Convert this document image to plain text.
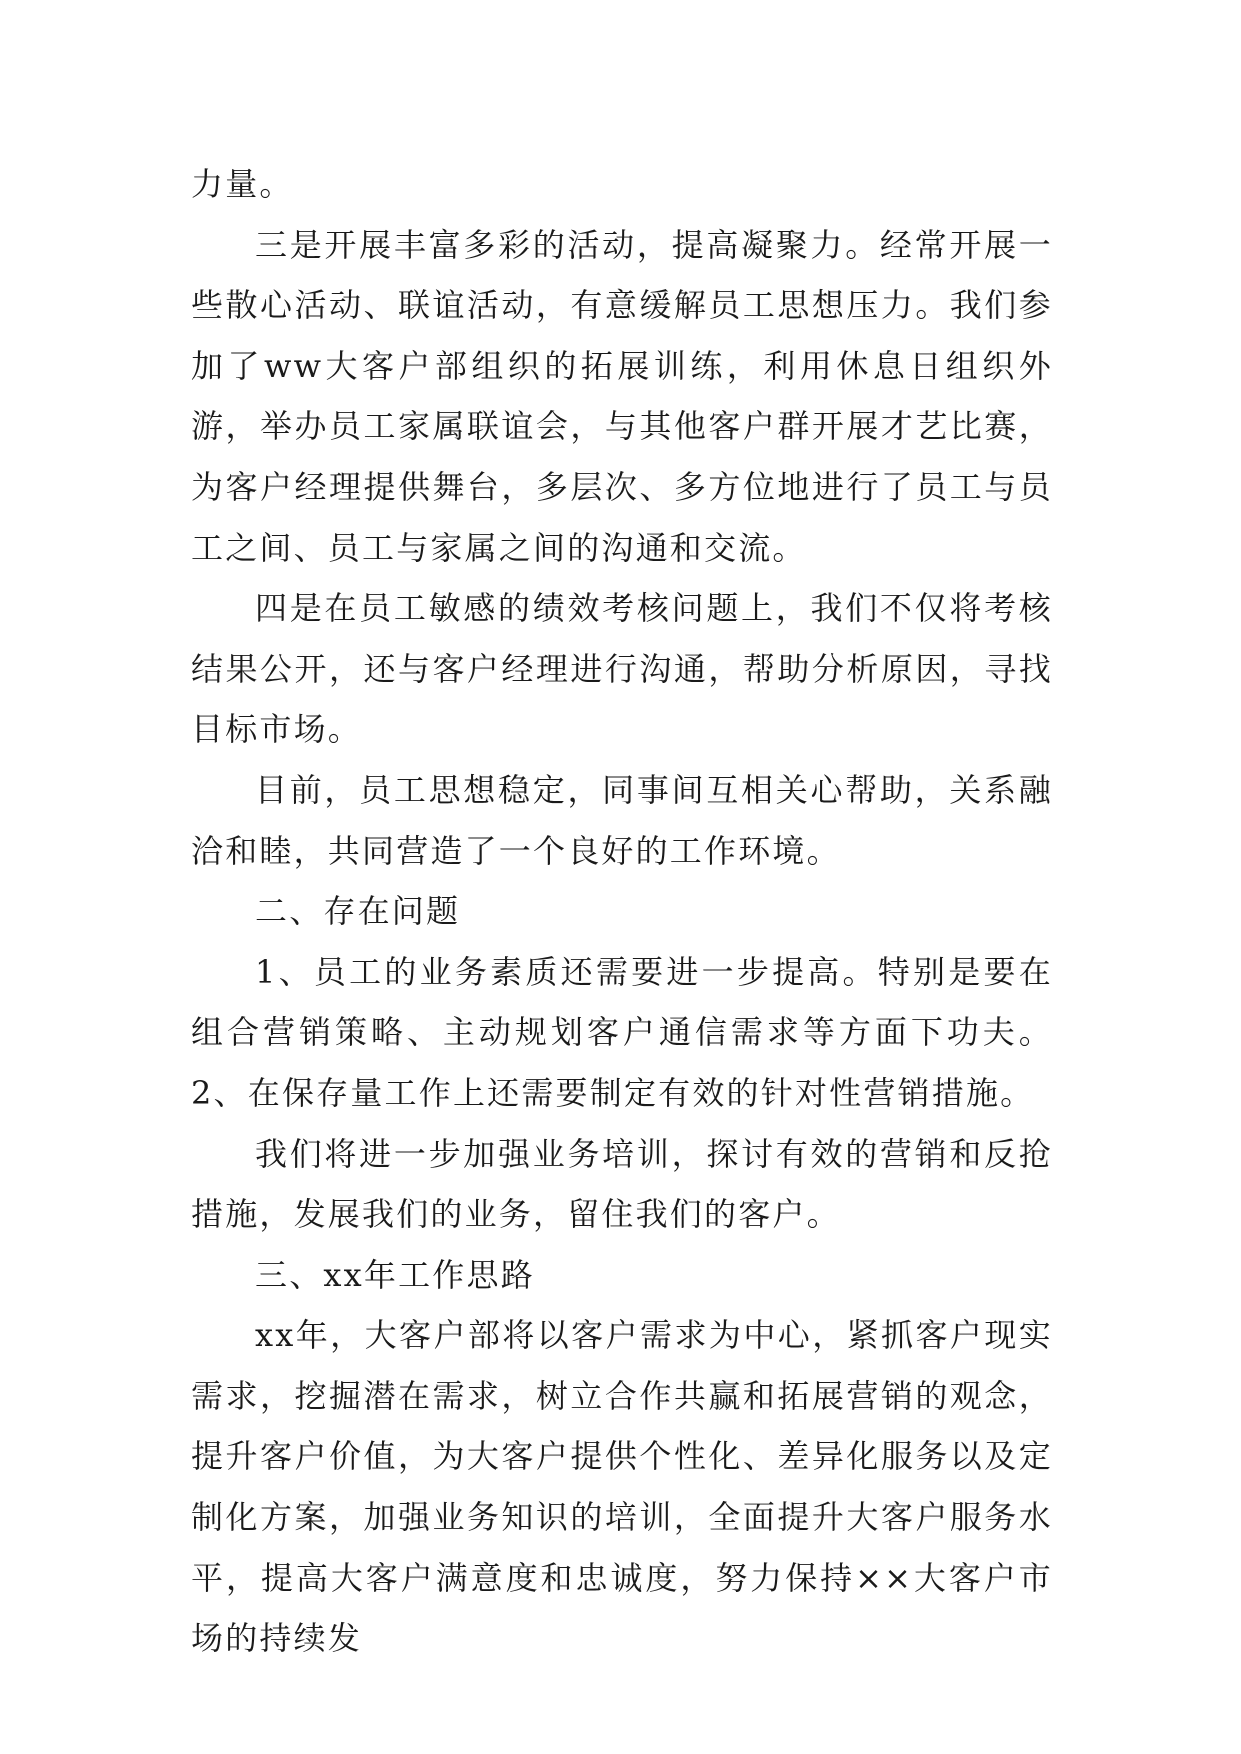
力量。

三是开展丰富多彩的活动，提高凝聚力。经常开展一些散心活动、联谊活动，有意缓解员工思想压力。我们参加了ww大客户部组织的拓展训练，利用休息日组织外游，举办员工家属联谊会，与其他客户群开展才艺比赛，为客户经理提供舞台，多层次、多方位地进行了员工与员工之间、员工与家属之间的沟通和交流。

四是在员工敏感的绩效考核问题上，我们不仅将考核结果公开，还与客户经理进行沟通，帮助分析原因，寻找目标市场。

目前，员工思想稳定，同事间互相关心帮助，关系融洽和睦，共同营造了一个良好的工作环境。

二、存在问题

1、员工的业务素质还需要进一步提高。特别是要在组合营销策略、主动规划客户通信需求等方面下功夫。2、在保存量工作上还需要制定有效的针对性营销措施。

我们将进一步加强业务培训，探讨有效的营销和反抢措施，发展我们的业务，留住我们的客户。

三、xx年工作思路

xx年，大客户部将以客户需求为中心，紧抓客户现实需求，挖掘潜在需求，树立合作共赢和拓展营销的观念，提升客户价值，为大客户提供个性化、差异化服务以及定制化方案，加强业务知识的培训，全面提升大客户服务水平，提高大客户满意度和忠诚度，努力保持××大客户市场的持续发
